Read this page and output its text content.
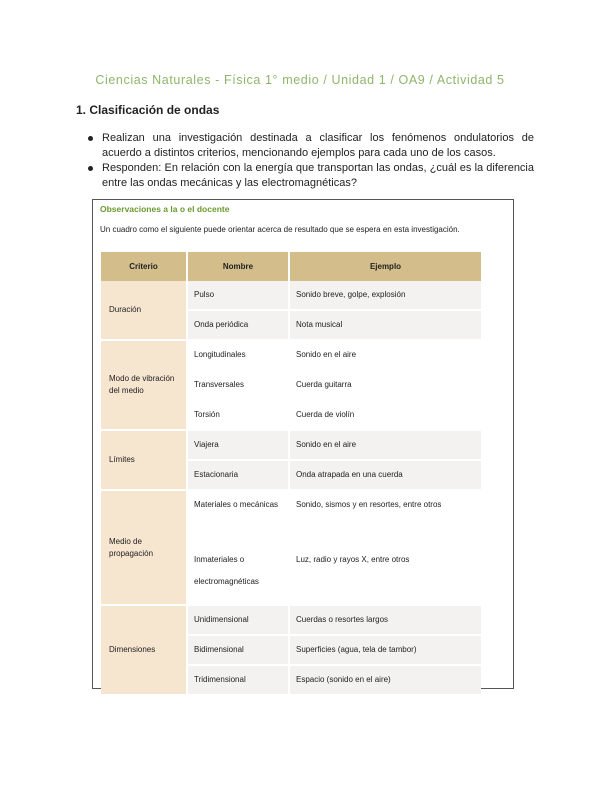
Ciencias Naturales - Física 1° medio / Unidad 1 / OA9 / Actividad 5
1. Clasificación de ondas
Realizan una investigación destinada a clasificar los fenómenos ondulatorios de acuerdo a distintos criterios, mencionando ejemplos para cada uno de los casos.
Responden: En relación con la energía que transportan las ondas, ¿cuál es la diferencia entre las ondas mecánicas y las electromagnéticas?
Observaciones a la o el docente
Un cuadro como el siguiente puede orientar acerca de resultado que se espera en esta investigación.
Criterio	Nombre	Ejemplo
Duración	Pulso	Sonido breve, golpe, explosión
	Onda periódica	Nota musical
Modo de vibración del medio	Longitudinales	Sonido en el aire
	Transversales	Cuerda guitarra
	Torsión	Cuerda de violín
Límites	Viajera	Sonido en el aire
	Estacionaria	Onda atrapada en una cuerda
Medio de propagación	Materiales o mecánicas	Sonido, sismos y en resortes, entre otros
	Inmateriales o electromagnéticas	Luz, radio y rayos X, entre otros
Dimensiones	Unidimensional	Cuerdas o resortes largos
	Bidimensional	Superficies (agua, tela de tambor)
	Tridimensional	Espacio (sonido en el aire)
